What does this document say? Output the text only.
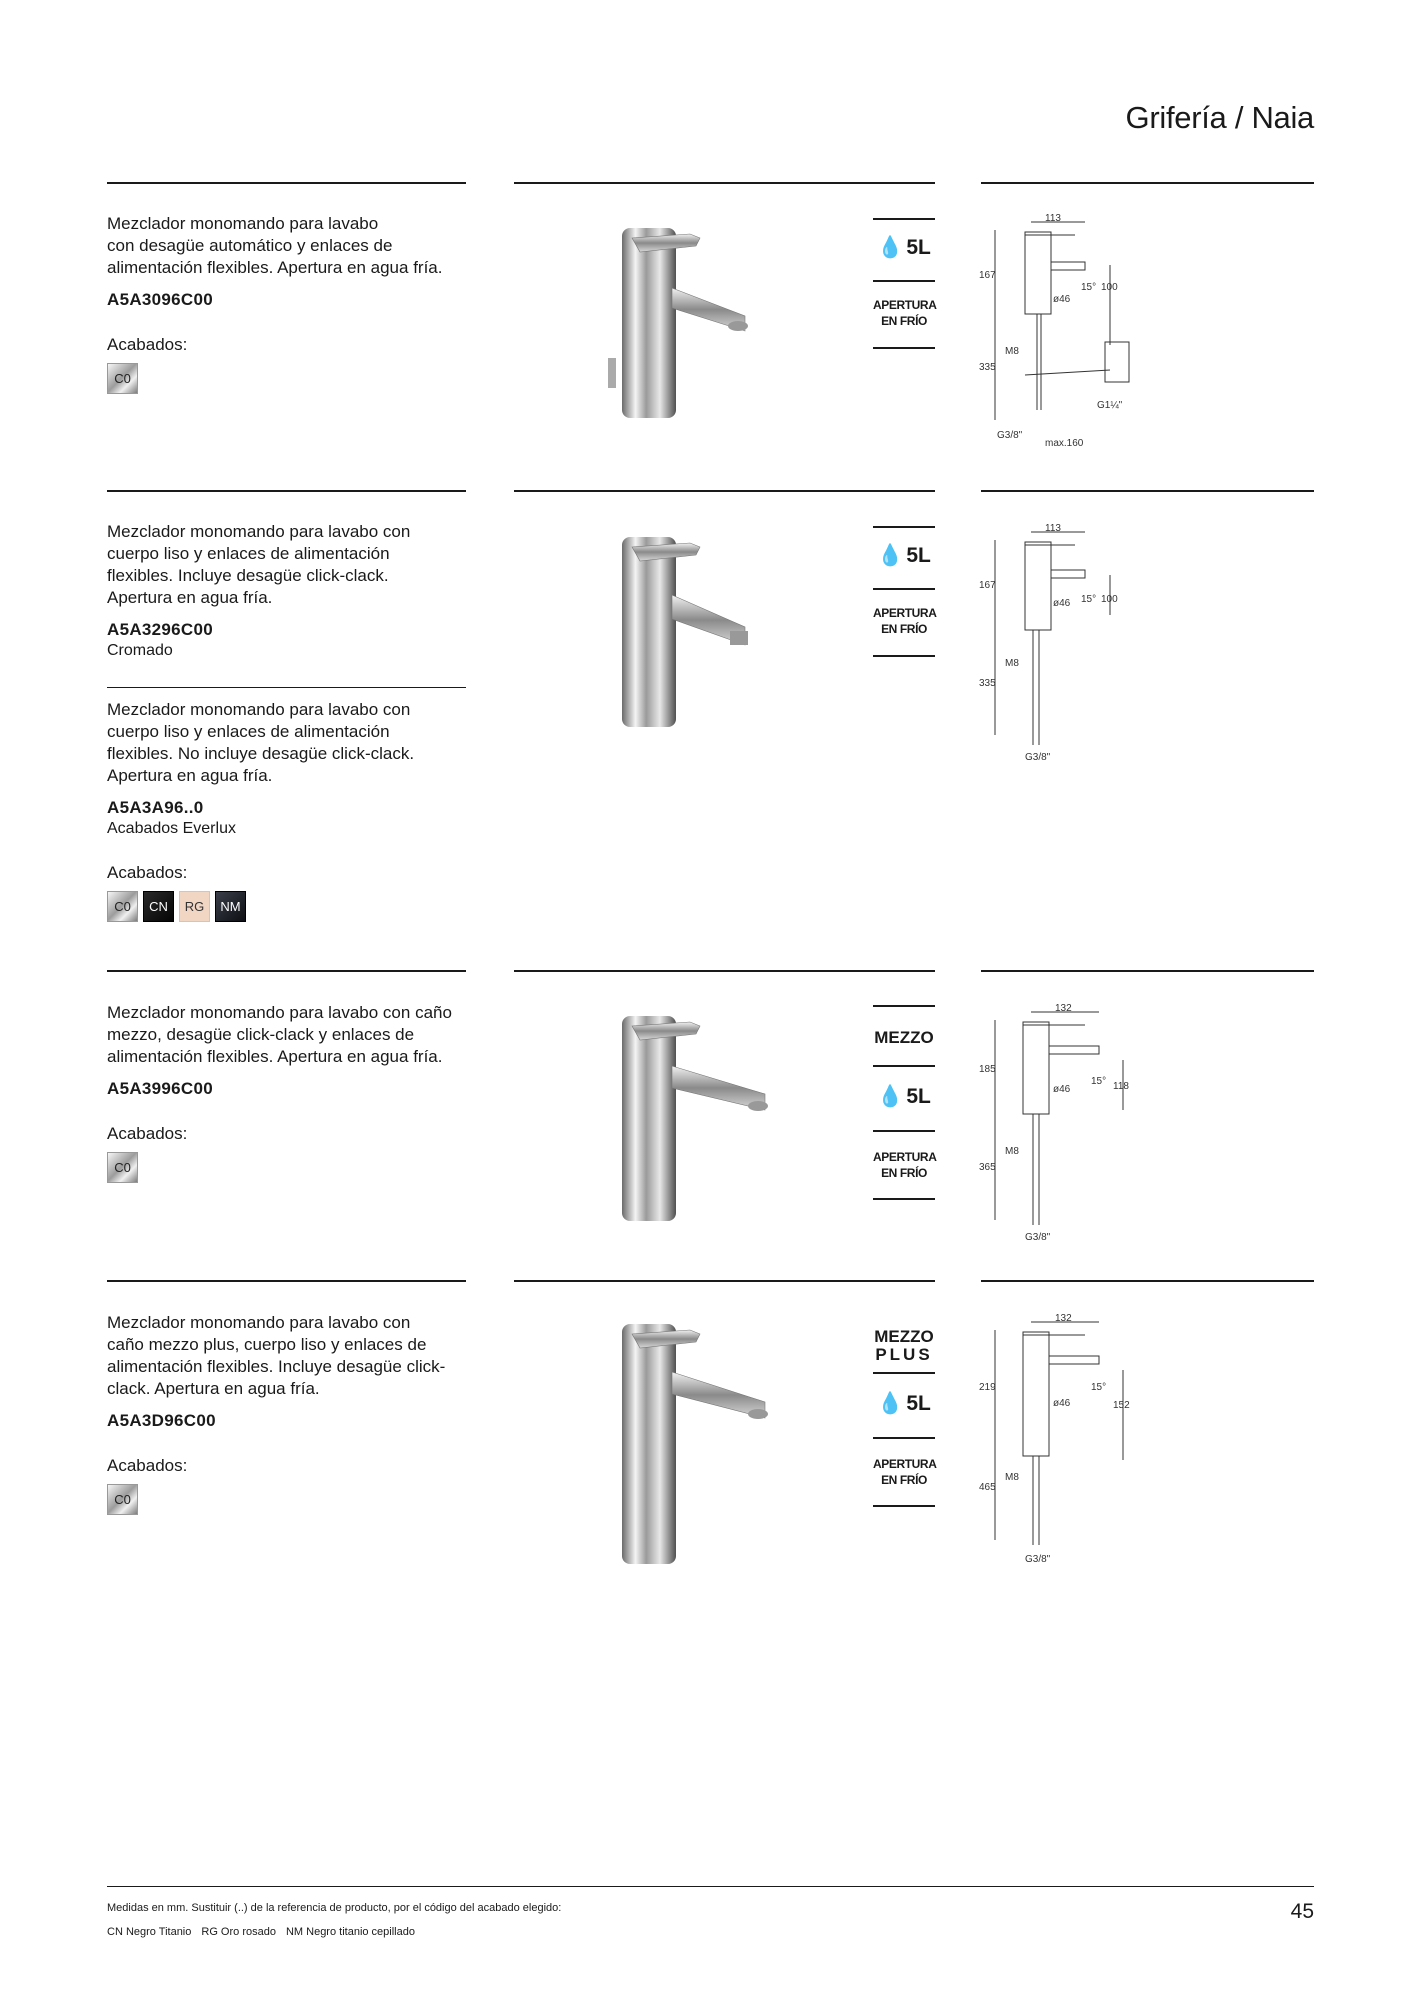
Grifería / Naia

Mezclador monomando para lavabo
con desagüe automático y enlaces de
alimentación flexibles. Apertura en agua fría.

A5A3096C00
Acabados:
C0
💧 5L
APERTURA
EN FRÍO
113
167
335
15° 100
ø46
M8
G1¼"
G3/8"
max.160

Mezclador monomando para lavabo con
cuerpo liso y enlaces de alimentación
flexibles. Incluye desagüe click-clack.
Apertura en agua fría.

A5A3296C00
Cromado

Mezclador monomando para lavabo con
cuerpo liso y enlaces de alimentación
flexibles. No incluye desagüe click-clack.
Apertura en agua fría.

A5A3A96..0
Acabados Everlux
Acabados:
C0	CN	RG	NM
💧 5L
APERTURA
EN FRÍO
113
167
335
15° 100
ø46
M8
G3/8"

Mezclador monomando para lavabo con caño
mezzo, desagüe click-clack y enlaces de
alimentación flexibles. Apertura en agua fría.

A5A3996C00
Acabados:
C0
MEZZO
💧 5L
APERTURA
EN FRÍO
132
185
365
15° 118
ø46
M8
G3/8"

Mezclador monomando para lavabo con
caño mezzo plus, cuerpo liso y enlaces de
alimentación flexibles. Incluye desagüe click-
clack. Apertura en agua fría.

A5A3D96C00
Acabados:
C0
MEZZO
PLUS
💧 5L
APERTURA
EN FRÍO
132
219
465
15°
152
ø46
M8
G3/8"
Medidas en mm. Sustituir (..) de la referencia de producto, por el código del acabado elegido:
CN Negro Titanio RG Oro rosado NM Negro titanio cepillado
45
